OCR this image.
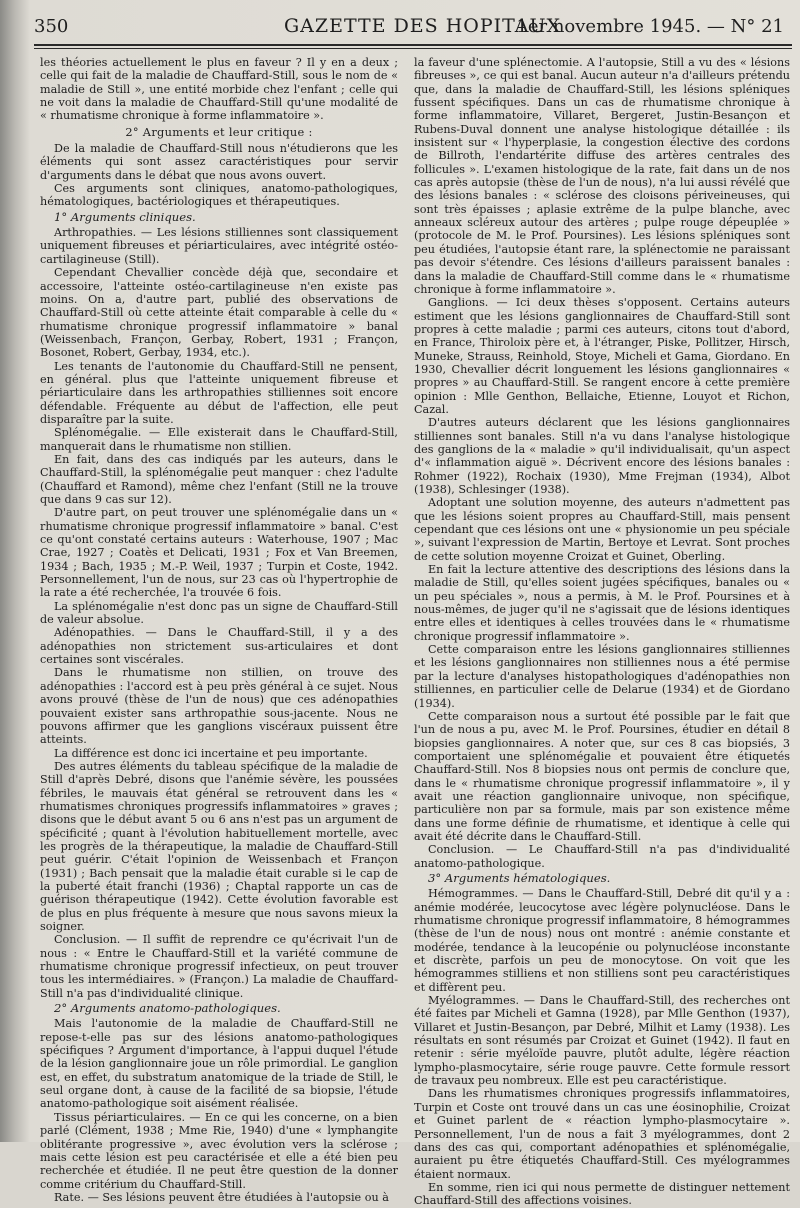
350	GAZETTE DES HOPITAUX
1er novembre 1945. — N° 21

les théories actuellement le plus en faveur ? Il y en a deux ; celle qui fait de la maladie de Chauffard-Still, sous le nom de « maladie de Still », une entité morbide chez l'enfant ; celle qui ne voit dans la maladie de Chauffard-Still qu'une modalité de « rhumatisme chronique à forme inflammatoire ».

2° Arguments et leur critique :

De la maladie de Chauffard-Still nous n'étudierons que les éléments qui sont assez caractéristiques pour servir d'arguments dans le débat que nous avons ouvert.

Ces arguments sont cliniques, anatomo-pathologiques, hématologiques, bactériologiques et thérapeutiques.

1° Arguments cliniques.

Arthropathies. — Les lésions stilliennes sont classiquement uniquement fibreuses et périarticulaires, avec intégrité ostéo-cartilagineuse (Still).

Cependant Chevallier concède déjà que, secondaire et accessoire, l'atteinte ostéo-cartilagineuse n'en existe pas moins. On a, d'autre part, publié des observations de Chauffard-Still où cette atteinte était comparable à celle du « rhumatisme chronique progressif inflammatoire » banal (Weissenbach, Françon, Gerbay, Robert, 1931 ; Françon, Bosonet, Robert, Gerbay, 1934, etc.).

Les tenants de l'autonomie du Chauffard-Still ne pensent, en général. plus que l'atteinte uniquement fibreuse et périarticulaire dans les arthropathies stilliennes soit encore défendable. Fréquente au début de l'affection, elle peut disparaître par la suite.

Splénomégalie. — Elle existerait dans le Chauffard-Still, manquerait dans le rhumatisme non stillien.

En fait, dans des cas indiqués par les auteurs, dans le Chauffard-Still, la splénomégalie peut manquer : chez l'adulte (Chauffard et Ramond), même chez l'enfant (Still ne la trouve que dans 9 cas sur 12).

D'autre part, on peut trouver une splénomégalie dans un « rhumatisme chronique progressif inflammatoire » banal. C'est ce qu'ont constaté certains auteurs : Waterhouse, 1907 ; Mac Crae, 1927 ; Coatès et Delicati, 1931 ; Fox et Van Breemen, 1934 ; Bach, 1935 ; M.-P. Weil, 1937 ; Turpin et Coste, 1942. Personnellement, l'un de nous, sur 23 cas où l'hypertrophie de la rate a été recherchée, l'a trouvée 6 fois.

La splénomégalie n'est donc pas un signe de Chauffard-Still de valeur absolue.

Adénopathies. — Dans le Chauffard-Still, il y a des adénopathies non strictement sus-articulaires et dont certaines sont viscérales.

Dans le rhumatisme non stillien, on trouve des adénopathies : l'accord est à peu près général à ce sujet. Nous avons prouvé (thèse de l'un de nous) que ces adénopathies pouvaient exister sans arthropathie sous-jacente. Nous ne pouvons affirmer que les ganglions viscéraux puissent être atteints.

La différence est donc ici incertaine et peu importante.

Des autres éléments du tableau spécifique de la maladie de Still d'après Debré, disons que l'anémie sévère, les poussées fébriles, le mauvais état général se retrouvent dans les « rhumatismes chroniques progressifs inflammatoires » graves ; disons que le début avant 5 ou 6 ans n'est pas un argument de spécificité ; quant à l'évolution habituellement mortelle, avec les progrès de la thérapeutique, la maladie de Chauffard-Still peut guérir. C'était l'opinion de Weissenbach et Françon (1931) ; Bach pensait que la maladie était curable si le cap de la puberté était franchi (1936) ; Chaptal rapporte un cas de guérison thérapeutique (1942). Cette évolution favorable est de plus en plus fréquente à mesure que nous savons mieux la soigner.

Conclusion. — Il suffit de reprendre ce qu'écrivait l'un de nous : « Entre le Chauffard-Still et la variété commune de rhumatisme chronique progressif infectieux, on peut trouver tous les intermédiaires. » (Françon.) La maladie de Chauffard-Still n'a pas d'individualité clinique.

2° Arguments anatomo-pathologiques.

Mais l'autonomie de la maladie de Chauffard-Still ne repose-t-elle pas sur des lésions anatomo-pathologiques spécifiques ? Argument d'importance, à l'appui duquel l'étude de la lésion ganglionnaire joue un rôle primordial. Le ganglion est, en effet, du substratum anatomique de la triade de Still, le seul organe dont, à cause de la facilité de sa biopsie, l'étude anatomo-pathologique soit aisément réalisée.

Tissus périarticulaires. — En ce qui les concerne, on a bien parlé (Clément, 1938 ; Mme Rie, 1940) d'une « lymphangite oblitérante progressive », avec évolution vers la sclérose ; mais cette lésion est peu caractérisée et elle a été bien peu recherchée et étudiée. Il ne peut être question de la donner comme critérium du Chauffard-Still.

Rate. — Ses lésions peuvent être étudiées à l'autopsie ou à

la faveur d'une splénectomie. A l'autopsie, Still a vu des « lésions fibreuses », ce qui est banal. Aucun auteur n'a d'ailleurs prétendu que, dans la maladie de Chauffard-Still, les lésions spléniques fussent spécifiques. Dans un cas de rhumatisme chronique à forme inflammatoire, Villaret, Bergeret, Justin-Besançon et Rubens-Duval donnent une analyse histologique détaillée : ils insistent sur « l'hyperplasie, la congestion élective des cordons de Billroth, l'endartérite diffuse des artères centrales des follicules ». L'examen histologique de la rate, fait dans un de nos cas après autopsie (thèse de l'un de nous), n'a lui aussi révélé que des lésions banales : « sclérose des cloisons périveineuses, qui sont très épaisses ; aplasie extrême de la pulpe blanche, avec anneaux scléreux autour des artères ; pulpe rouge dépeuplée » (protocole de M. le Prof. Poursines). Les lésions spléniques sont peu étudiées, l'autopsie étant rare, la splénectomie ne paraissant pas devoir s'étendre. Ces lésions d'ailleurs paraissent banales : dans la maladie de Chauffard-Still comme dans le « rhumatisme chronique à forme inflammatoire ».

Ganglions. — Ici deux thèses s'opposent. Certains auteurs estiment que les lésions ganglionnaires de Chauffard-Still sont propres à cette maladie ; parmi ces auteurs, citons tout d'abord, en France, Thiroloix père et, à l'étranger, Piske, Pollitzer, Hirsch, Muneke, Strauss, Reinhold, Stoye, Micheli et Gama, Giordano. En 1930, Chevallier décrit longuement les lésions ganglionnaires « propres » au Chauffard-Still. Se rangent encore à cette première opinion : Mlle Genthon, Bellaiche, Etienne, Louyot et Richon, Cazal.

D'autres auteurs déclarent que les lésions ganglionnaires stilliennes sont banales. Still n'a vu dans l'analyse histologique des ganglions de la « maladie » qu'il individualisait, qu'un aspect d'« inflammation aiguë ». Décrivent encore des lésions banales : Rohmer (1922), Rochaix (1930), Mme Frejman (1934), Albot (1938), Schlesinger (1938).

Adoptant une solution moyenne, des auteurs n'admettent pas que les lésions soient propres au Chauffard-Still, mais pensent cependant que ces lésions ont une « physionomie un peu spéciale », suivant l'expression de Martin, Bertoye et Levrat. Sont proches de cette solution moyenne Croizat et Guinet, Oberling.

En fait la lecture attentive des descriptions des lésions dans la maladie de Still, qu'elles soient jugées spécifiques, banales ou « un peu spéciales », nous a permis, à M. le Prof. Poursines et à nous-mêmes, de juger qu'il ne s'agissait que de lésions identiques entre elles et identiques à celles trouvées dans le « rhumatisme chronique progressif inflammatoire ».

Cette comparaison entre les lésions ganglionnaires stilliennes et les lésions ganglionnaires non stilliennes nous a été permise par la lecture d'analyses histopathologiques d'adénopathies non stilliennes, en particulier celle de Delarue (1934) et de Giordano (1934).

Cette comparaison nous a surtout été possible par le fait que l'un de nous a pu, avec M. le Prof. Poursines, étudier en détail 8 biopsies ganglionnaires. A noter que, sur ces 8 cas biopsiés, 3 comportaient une splénomégalie et pouvaient être étiquetés Chauffard-Still. Nos 8 biopsies nous ont permis de conclure que, dans le « rhumatisme chronique progressif inflammatoire », il y avait une réaction ganglionnaire univoque, non spécifique, particulière non par sa formule, mais par son existence même dans une forme définie de rhumatisme, et identique à celle qui avait été décrite dans le Chauffard-Still.

Conclusion. — Le Chauffard-Still n'a pas d'individualité anatomo-pathologique.

3° Arguments hématologiques.

Hémogrammes. — Dans le Chauffard-Still, Debré dit qu'il y a : anémie modérée, leucocytose avec légère polynucléose. Dans le rhumatisme chronique progressif inflammatoire, 8 hémogrammes (thèse de l'un de nous) nous ont montré : anémie constante et modérée, tendance à la leucopénie ou polynucléose inconstante et discrète, parfois un peu de monocytose. On voit que les hémogrammes stilliens et non stilliens sont peu caractéristiques et diffèrent peu.

Myélogrammes. — Dans le Chauffard-Still, des recherches ont été faites par Micheli et Gamna (1928), par Mlle Genthon (1937), Villaret et Justin-Besançon, par Debré, Milhit et Lamy (1938). Les résultats en sont résumés par Croizat et Guinet (1942). Il faut en retenir : série myéloïde pauvre, plutôt adulte, légère réaction lympho-plasmocytaire, série rouge pauvre. Cette formule ressort de travaux peu nombreux. Elle est peu caractéristique.

Dans les rhumatismes chroniques progressifs inflammatoires, Turpin et Coste ont trouvé dans un cas une éosinophilie, Croizat et Guinet parlent de « réaction lympho-plasmocytaire ». Personnellement, l'un de nous a fait 3 myélogrammes, dont 2 dans des cas qui, comportant adénopathies et splénomégalie, auraient pu être étiquetés Chauffard-Still. Ces myélogrammes étaient normaux.

En somme, rien ici qui nous permette de distinguer nettement Chauffard-Still des affections voisines.
